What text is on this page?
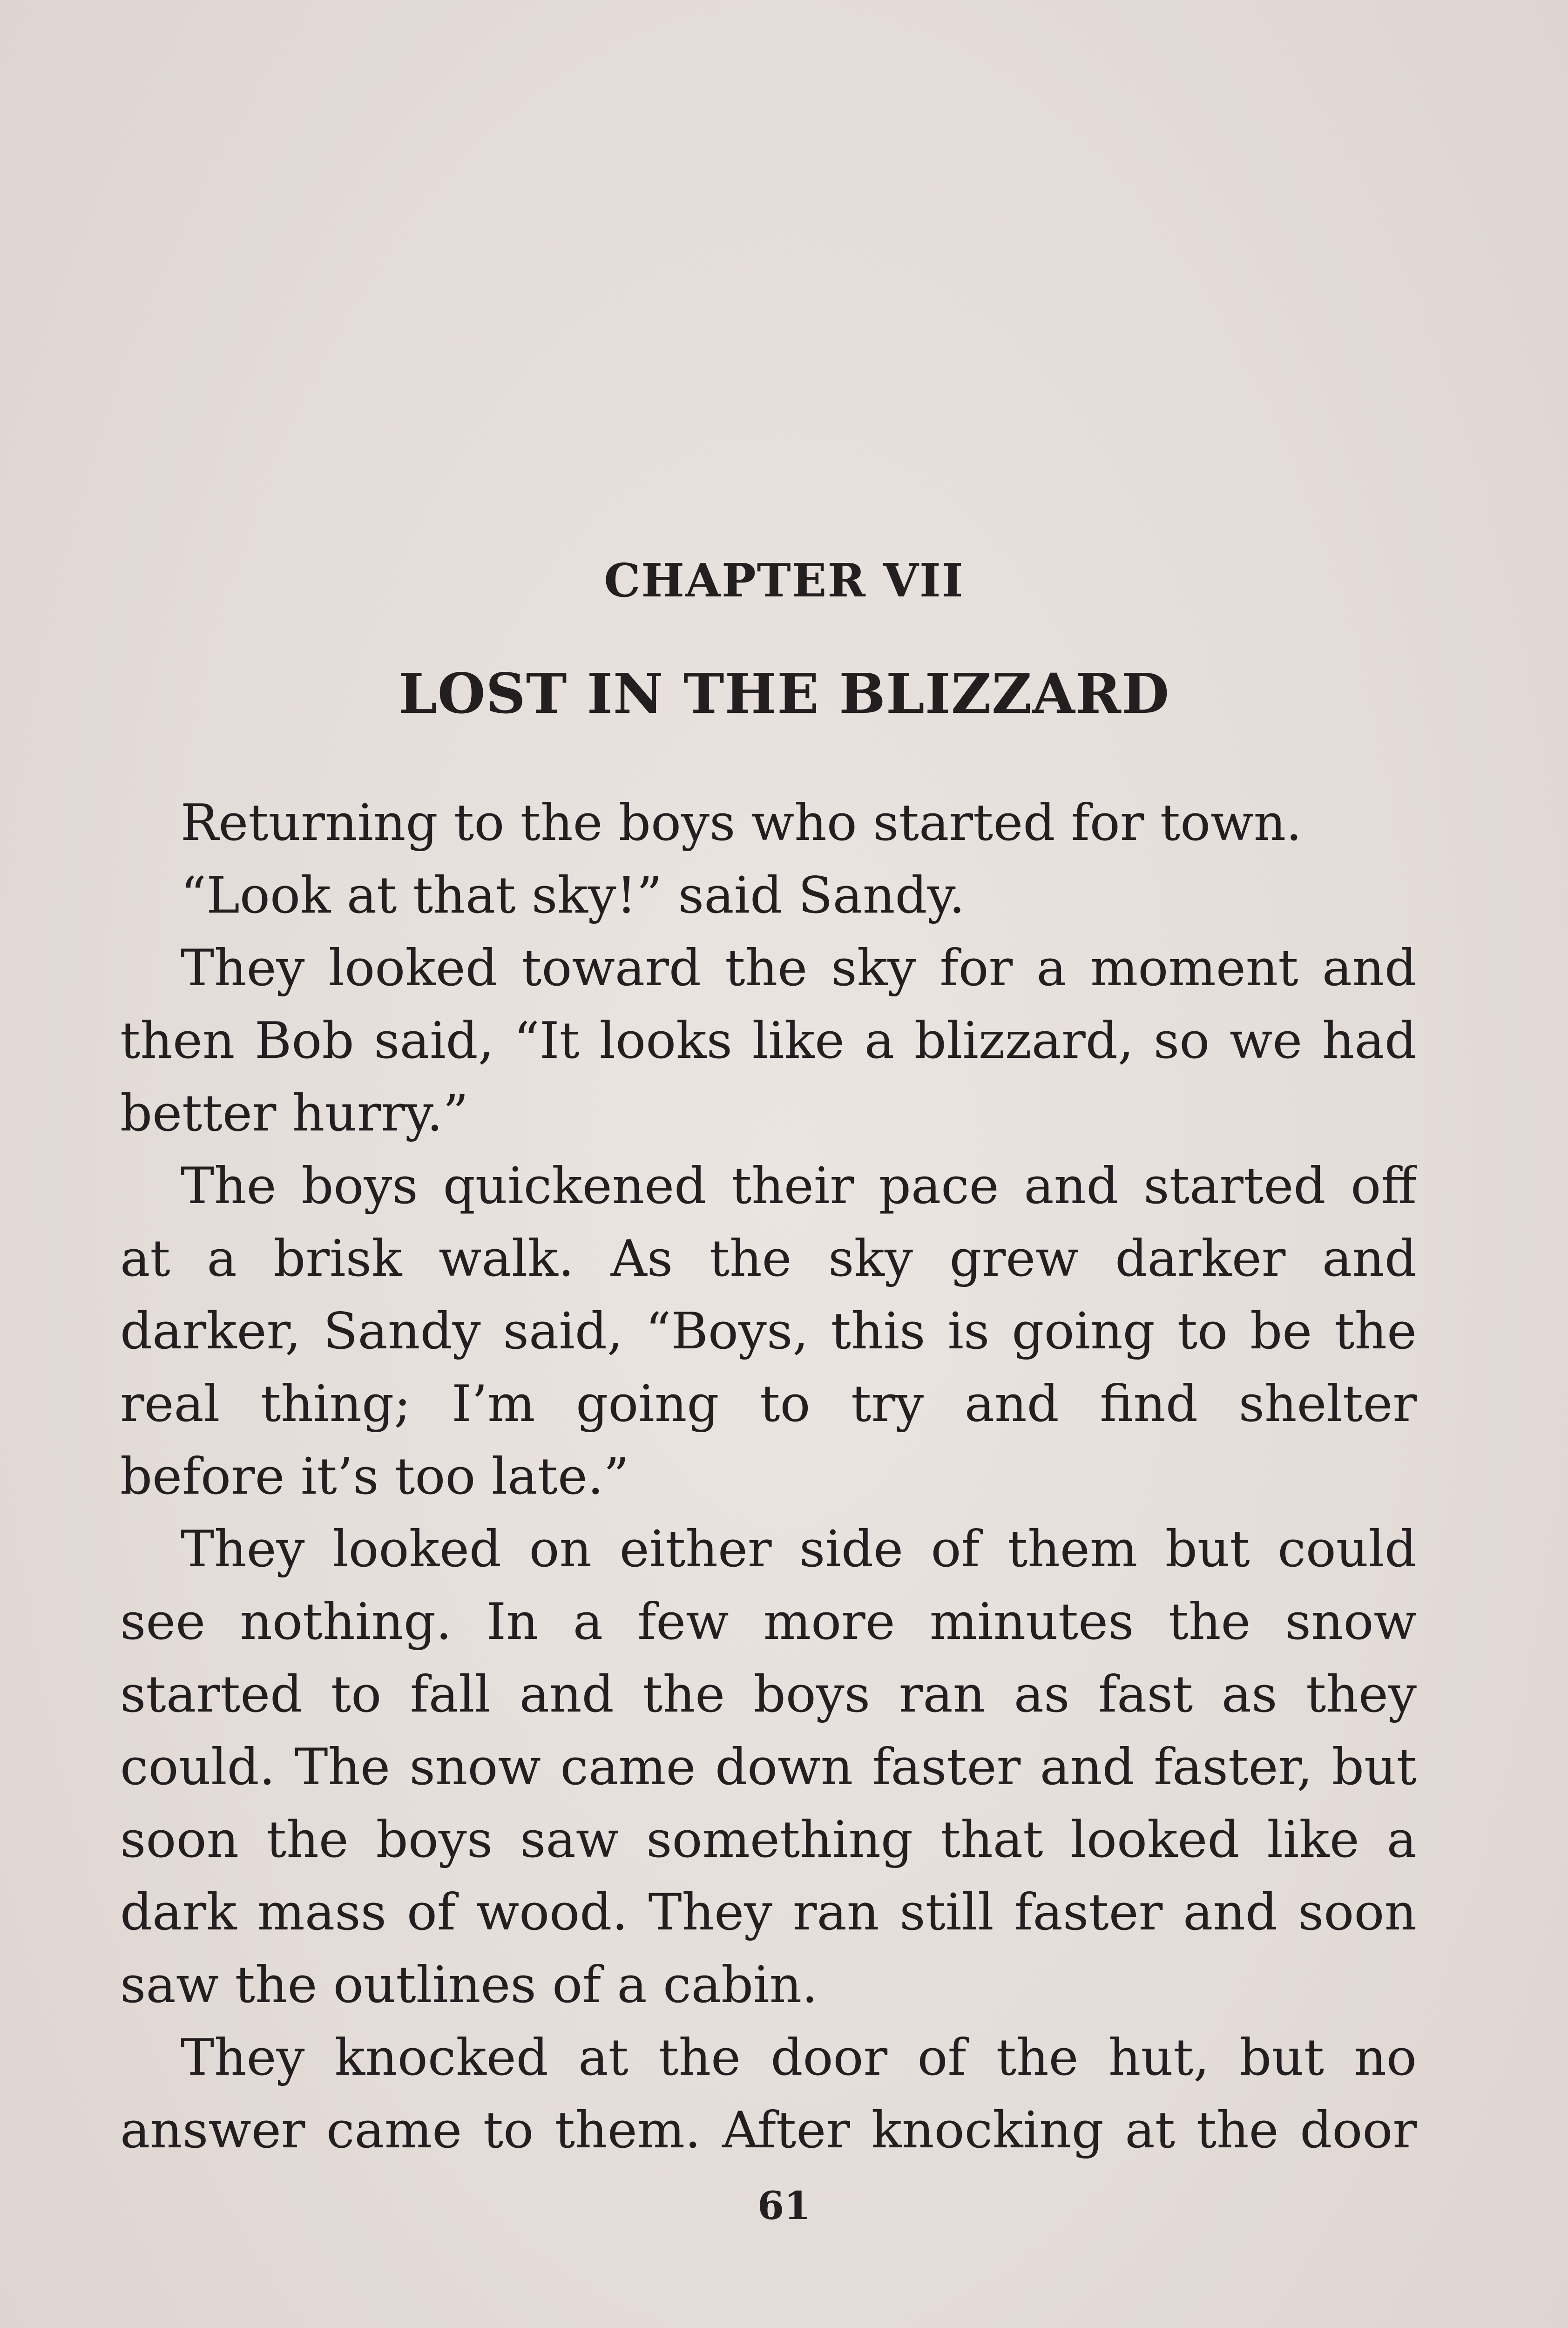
CHAPTER VII
LOST IN THE BLIZZARD
Returning to the boys who started for town.
“Look at that sky!” said Sandy.
They looked toward the sky for a moment and
then Bob said, “It looks like a blizzard, so we had
better hurry.”
The boys quickened their pace and started off
at a brisk walk. As the sky grew darker and
darker, Sandy said, “Boys, this is going to be the
real thing; I’m going to try and find shelter
before it’s too late.”
They looked on either side of them but could
see nothing. In a few more minutes the snow
started to fall and the boys ran as fast as they
could. The snow came down faster and faster, but
soon the boys saw something that looked like a
dark mass of wood. They ran still faster and soon
saw the outlines of a cabin.
They knocked at the door of the hut, but no
answer came to them. After knocking at the door
61
